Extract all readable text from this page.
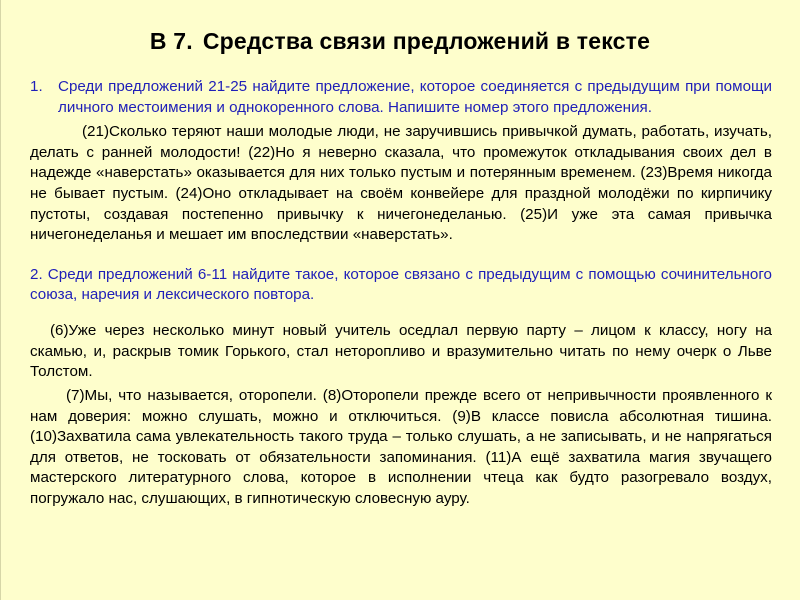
В 7. Средства связи предложений в тексте
1.	Среди предложений 21-25 найдите предложение, которое соединяется с предыдущим при помощи личного местоимения и однокоренного слова. Напишите номер этого предложения.

(21)Сколько теряют наши молодые люди, не заручившись привычкой думать, работать, изучать, делать с ранней молодости! (22)Но я неверно сказала, что промежуток откладывания своих дел в надежде «наверстать» оказывается для них только пустым и потерянным временем. (23)Время никогда не бывает пустым. (24)Оно откладывает на своём конвейере для праздной молодёжи по кирпичику пустоты, создавая постепенно привычку к ничегонеделанью. (25)И уже эта самая привычка ничегонеделанья и мешает им впоследствии «наверстать».

2. Среди предложений 6-11 найдите такое, которое связано с предыдущим с помощью сочинительного союза, наречия и лексического повтора.

(6)Уже через несколько минут новый учитель оседлал первую парту – лицом к классу, ногу на скамью, и, раскрыв томик Горького, стал неторопливо и вразумительно читать по нему очерк о Льве Толстом.

(7)Мы, что называется, оторопели. (8)Оторопели прежде всего от непривычности проявленного к нам доверия: можно слушать, можно и отключиться. (9)В классе повисла абсолютная тишина. (10)Захватила сама увлекательность такого труда – только слушать, а не записывать, и не напрягаться для ответов, не тосковать от обязательности запоминания. (11)А ещё захватила магия звучащего мастерского литературного слова, которое в исполнении чтеца как будто разогревало воздух, погружало нас, слушающих, в гипнотическую словесную ауру.
